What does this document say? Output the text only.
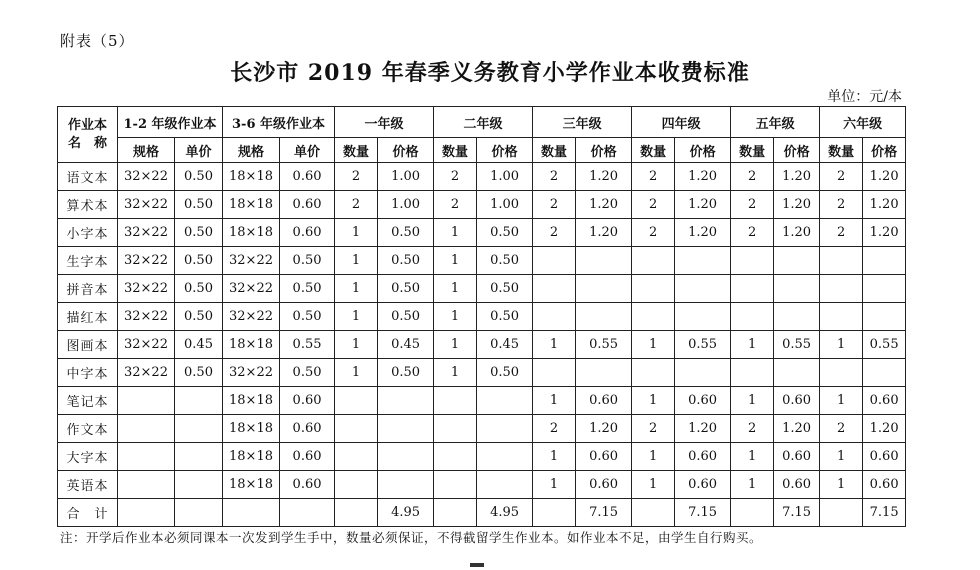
附表（5）
长沙市 2019 年春季义务教育小学作业本收费标准
单位：元/本
作业本
名　称	1-2 年级作业本		3-6 年级作业本		一年级		二年级		三年级		四年级		五年级		六年级	
	规格	单价	规格	单价	数量	价格	数量	价格	数量	价格	数量	价格	数量	价格	数量	价格
语文本	32×22	0.50	18×18	0.60	2	1.00	2	1.00	2	1.20	2	1.20	2	1.20	2	1.20
算术本	32×22	0.50	18×18	0.60	2	1.00	2	1.00	2	1.20	2	1.20	2	1.20	2	1.20
小字本	32×22	0.50	18×18	0.60	1	0.50	1	0.50	2	1.20	2	1.20	2	1.20	2	1.20
生字本	32×22	0.50	32×22	0.50	1	0.50	1	0.50								
拼音本	32×22	0.50	32×22	0.50	1	0.50	1	0.50								
描红本	32×22	0.50	32×22	0.50	1	0.50	1	0.50								
图画本	32×22	0.45	18×18	0.55	1	0.45	1	0.45	1	0.55	1	0.55	1	0.55	1	0.55
中字本	32×22	0.50	32×22	0.50	1	0.50	1	0.50								
笔记本			18×18	0.60					1	0.60	1	0.60	1	0.60	1	0.60
作文本			18×18	0.60					2	1.20	2	1.20	2	1.20	2	1.20
大字本			18×18	0.60					1	0.60	1	0.60	1	0.60	1	0.60
英语本			18×18	0.60					1	0.60	1	0.60	1	0.60	1	0.60
合　计						4.95		4.95		7.15		7.15		7.15		7.15
注：开学后作业本必须同课本一次发到学生手中，数量必须保证，不得截留学生作业本。如作业本不足，由学生自行购买。
